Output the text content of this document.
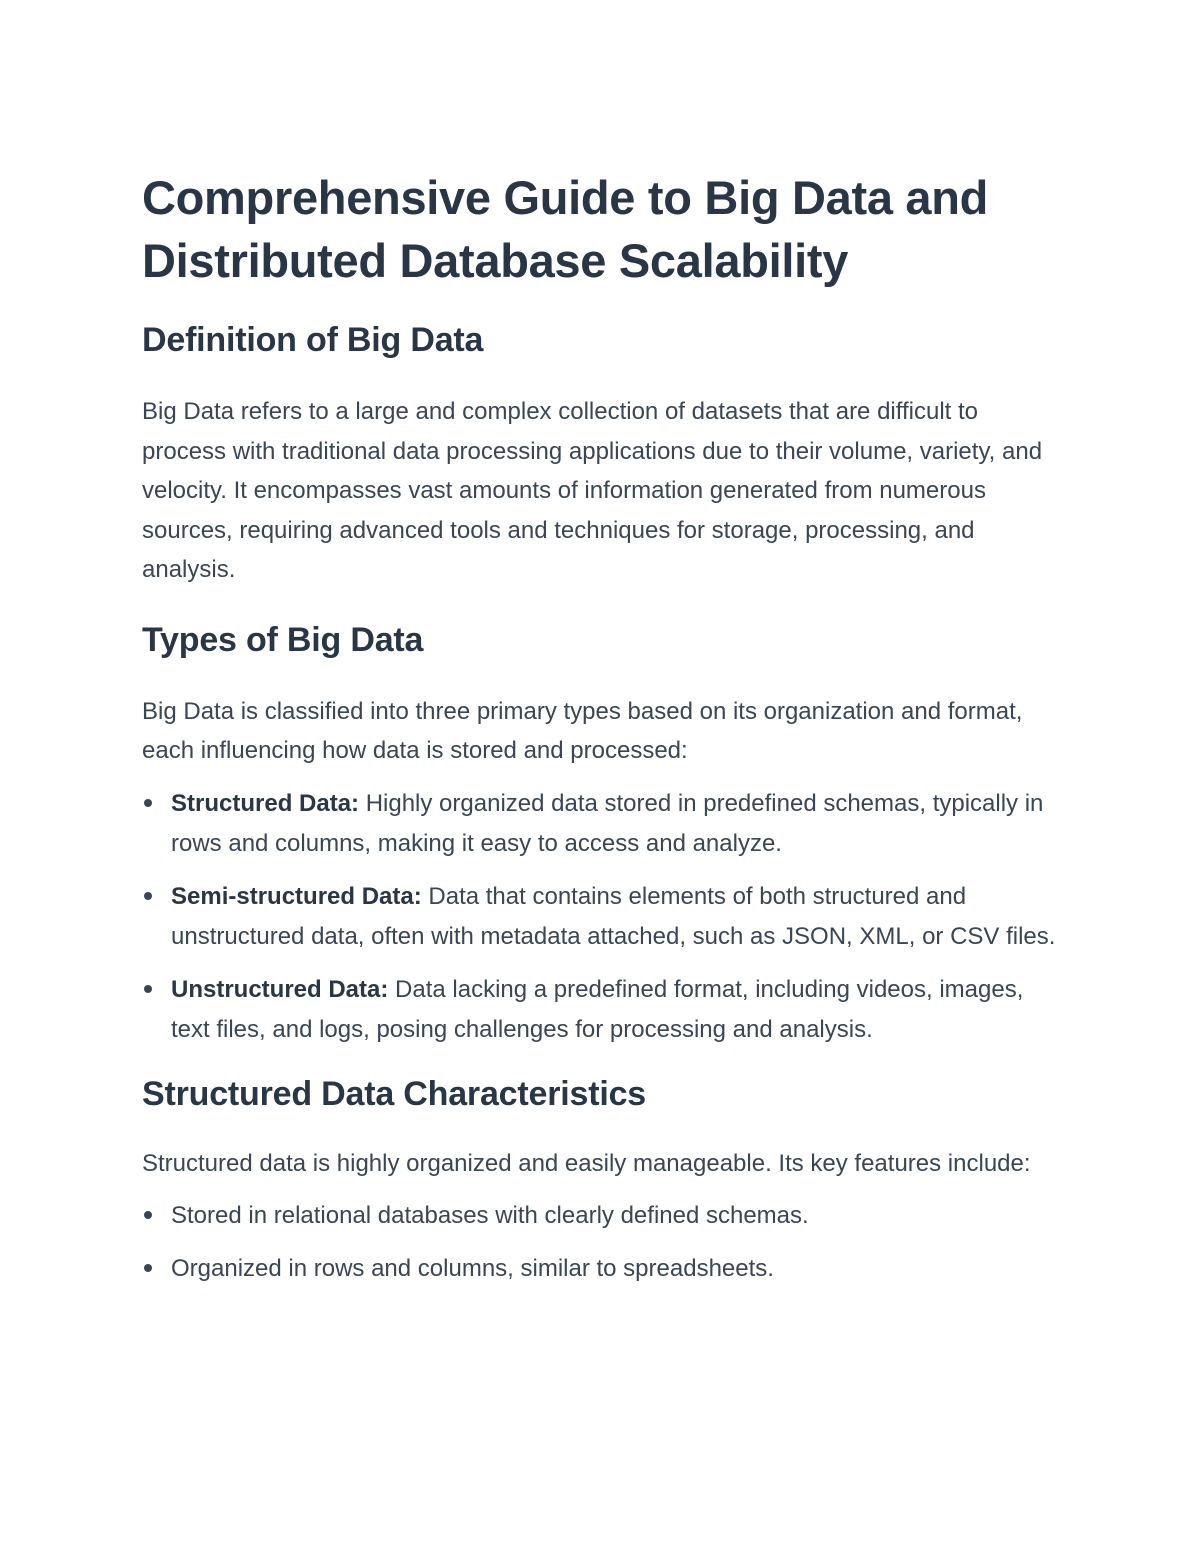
Comprehensive Guide to Big Data and Distributed Database Scalability
Definition of Big Data

Big Data refers to a large and complex collection of datasets that are difficult to process with traditional data processing applications due to their volume, variety, and velocity. It encompasses vast amounts of information generated from numerous sources, requiring advanced tools and techniques for storage, processing, and analysis.

Types of Big Data

Big Data is classified into three primary types based on its organization and format, each influencing how data is stored and processed:

Structured Data: Highly organized data stored in predefined schemas, typically in rows and columns, making it easy to access and analyze.
Semi-structured Data: Data that contains elements of both structured and unstructured data, often with metadata attached, such as JSON, XML, or CSV files.
Unstructured Data: Data lacking a predefined format, including videos, images, text files, and logs, posing challenges for processing and analysis.
Structured Data Characteristics

Structured data is highly organized and easily manageable. Its key features include:

Stored in relational databases with clearly defined schemas.
Organized in rows and columns, similar to spreadsheets.
